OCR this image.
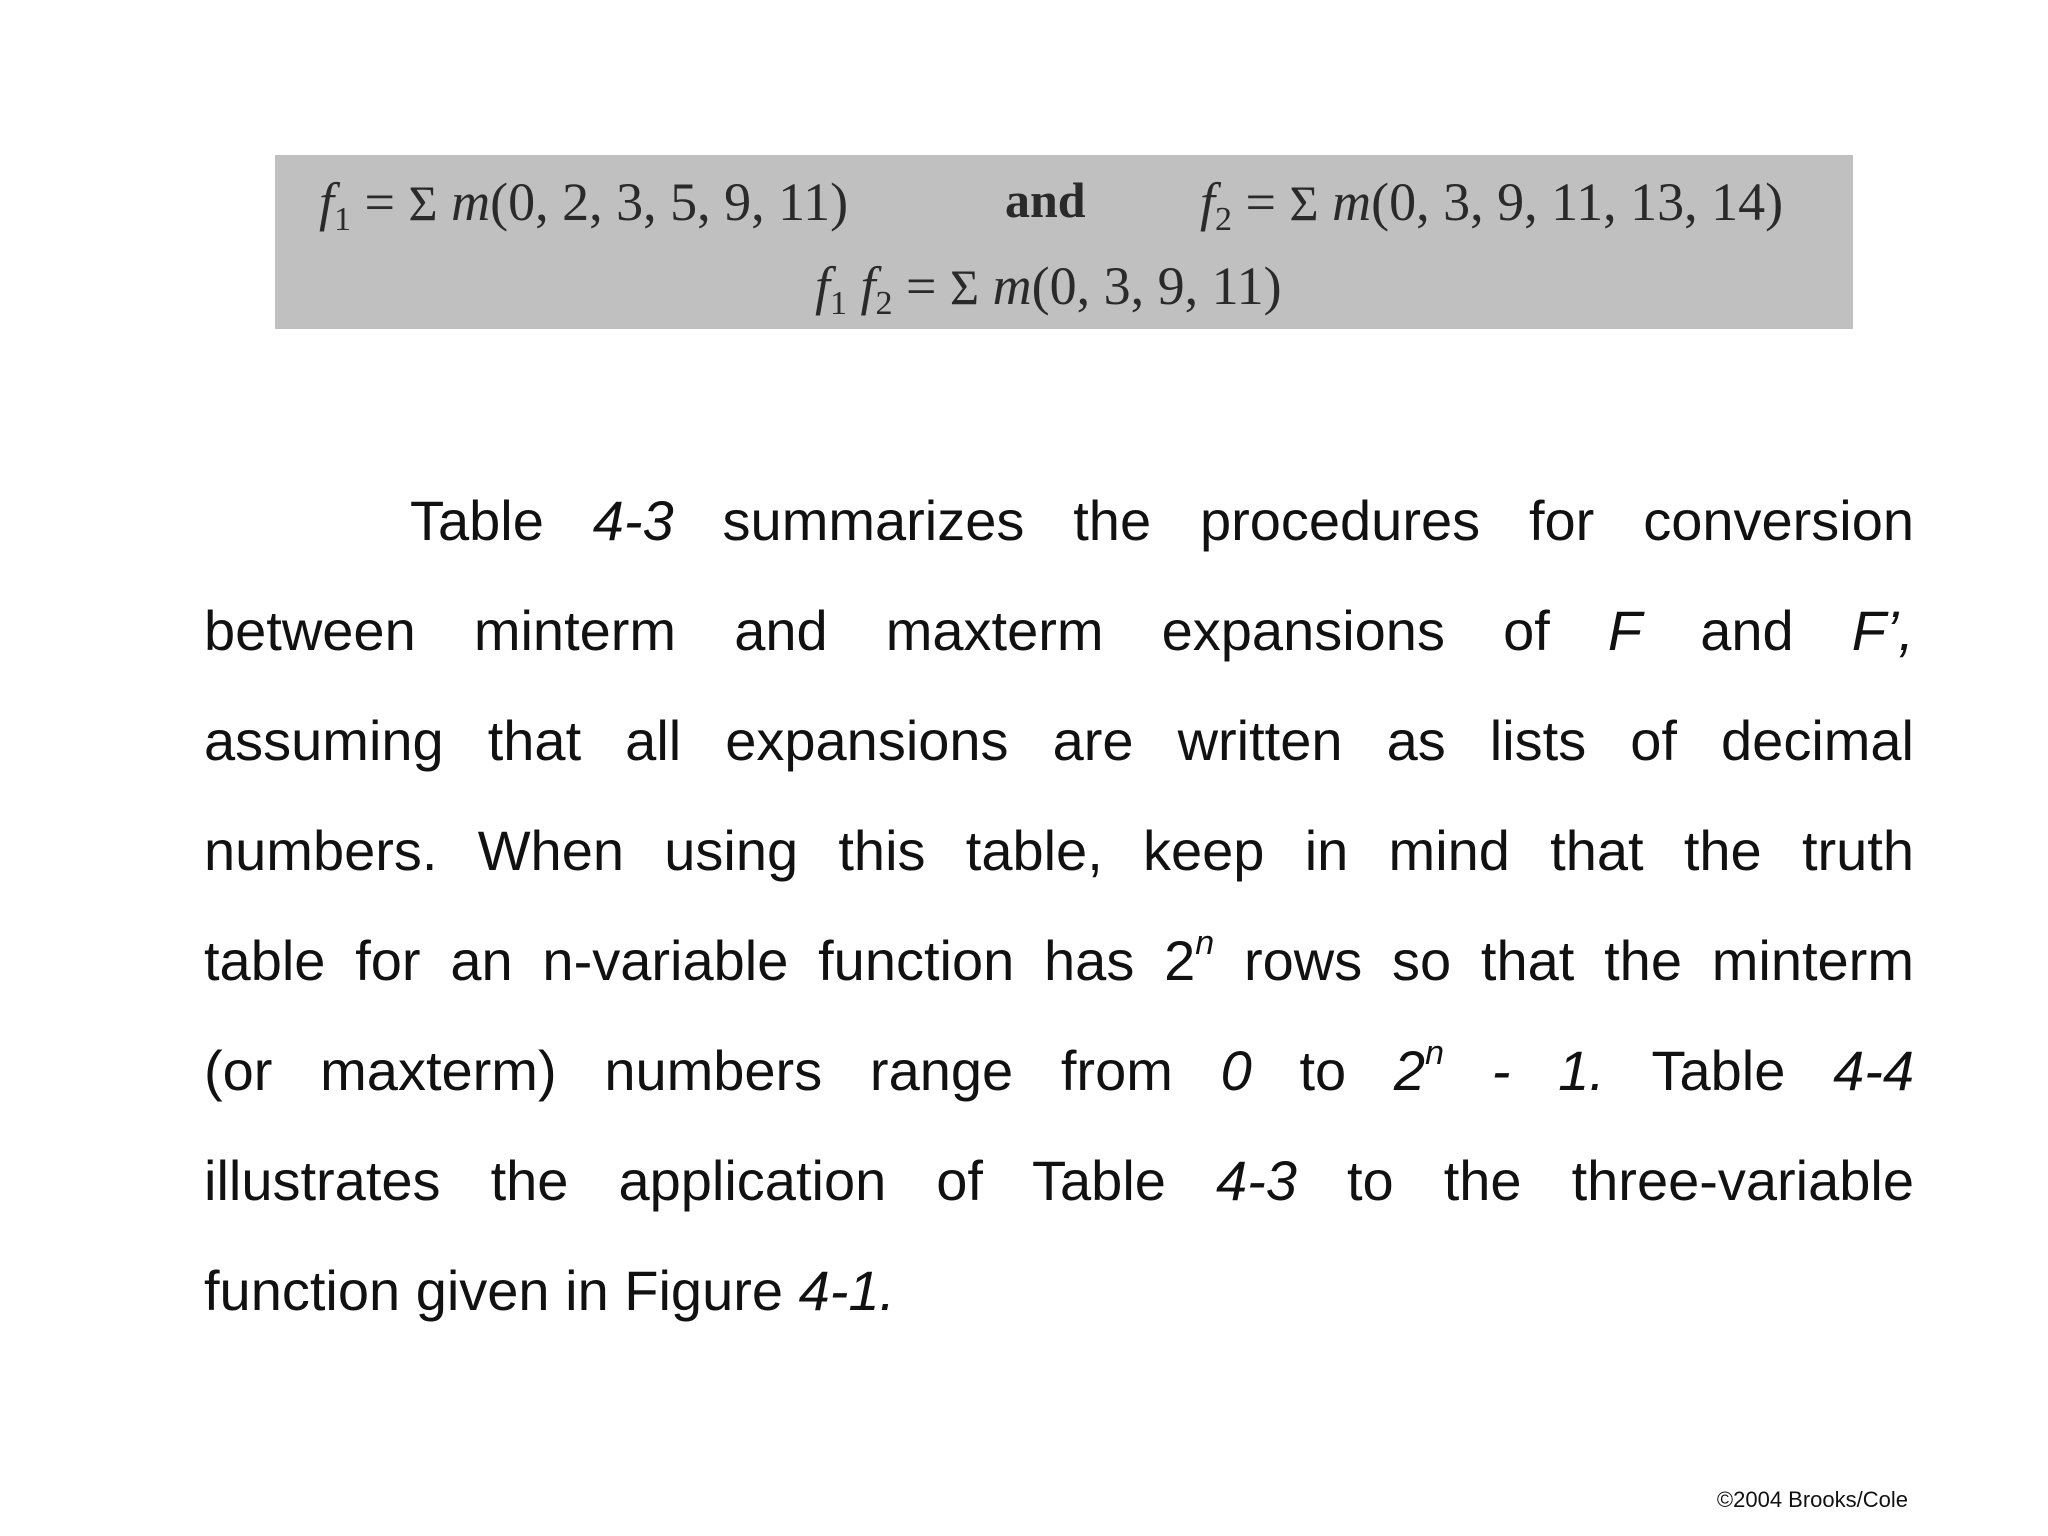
$f_1 = \Sigma$ m(0, 2, 3, 5, 9, 11)	and $f_2 = \Sigma$ m(0, 3, 9, 11, 13, 14)
$f_1$ $f_2 = \Sigma$ m(0, 3, 9, 11)
Table 4-3 summarizes the procedures for conversion
between minterm and maxterm expansions of F and F’,
assuming that all expansions are written as lists of decimal
numbers. When using this table, keep in mind that the truth
table for an n-variable function has 2$^n$ rows so that the minterm
(or maxterm) numbers range from 0 to 2$^n$ - 1. Table 4-4
illustrates the application of Table 4-3 to the three-variable
function given in Figure 4-1.
©2004 Brooks/Cole
